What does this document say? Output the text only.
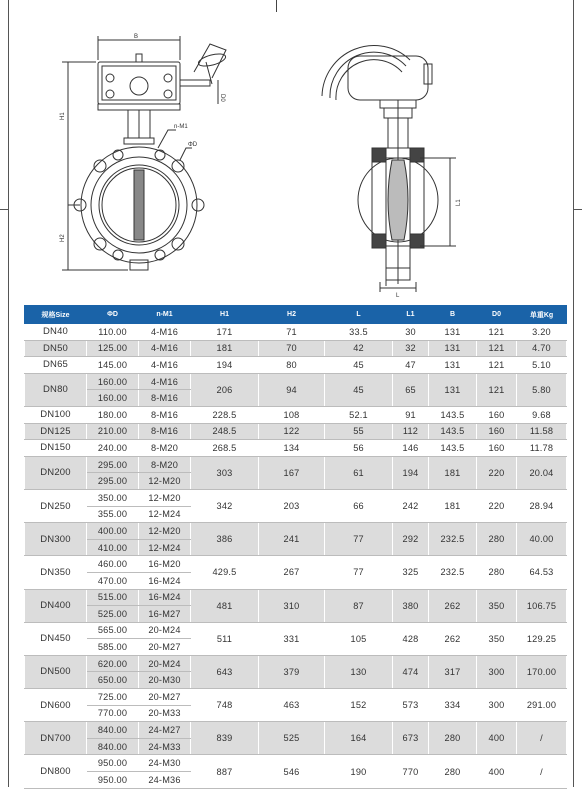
B
D0
H1
H2
n-M1
ΦD
L1
L
规格Size	ΦD	n-M1	H1	H2	L	L1	B	D0	单重Kg
DN40	110.00	4-M16	171	71	33.5	30	131	121	3.20
DN50	125.00	4-M16	181	70	42	32	131	121	4.70
DN65	145.00	4-M16	194	80	45	47	131	121	5.10
DN80	160.00	4-M16	206	94	45	65	131	121	5.80
	160.00	8-M16							
DN100	180.00	8-M16	228.5	108	52.1	91	143.5	160	9.68
DN125	210.00	8-M16	248.5	122	55	112	143.5	160	11.58
DN150	240.00	8-M20	268.5	134	56	146	143.5	160	11.78
DN200	295.00	8-M20	303	167	61	194	181	220	20.04
	295.00	12-M20							
DN250	350.00	12-M20	342	203	66	242	181	220	28.94
	355.00	12-M24							
DN300	400.00	12-M20	386	241	77	292	232.5	280	40.00
	410.00	12-M24							
DN350	460.00	16-M20	429.5	267	77	325	232.5	280	64.53
	470.00	16-M24							
DN400	515.00	16-M24	481	310	87	380	262	350	106.75
	525.00	16-M27							
DN450	565.00	20-M24	511	331	105	428	262	350	129.25
	585.00	20-M27							
DN500	620.00	20-M24	643	379	130	474	317	300	170.00
	650.00	20-M30							
DN600	725.00	20-M27	748	463	152	573	334	300	291.00
	770.00	20-M33							
DN700	840.00	24-M27	839	525	164	673	280	400	/
	840.00	24-M33							
DN800	950.00	24-M30	887	546	190	770	280	400	/
	950.00	24-M36							
